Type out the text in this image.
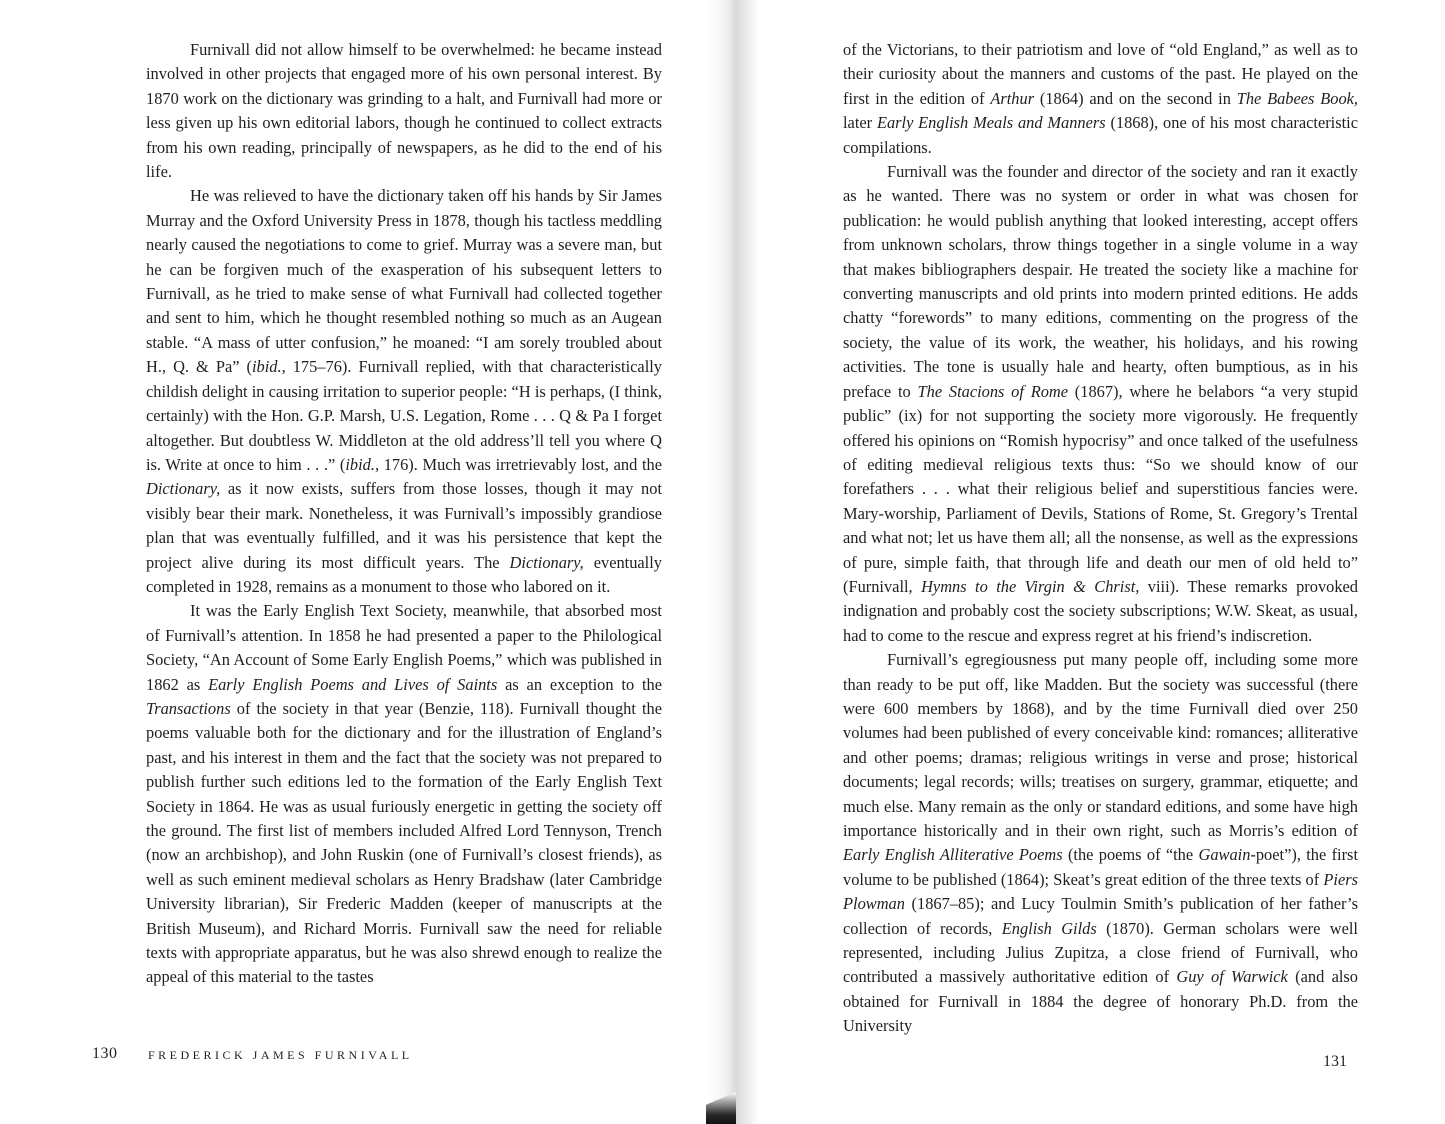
Furnivall did not allow himself to be overwhelmed: he became instead involved in other projects that engaged more of his own personal interest. By 1870 work on the dictionary was grinding to a halt, and Furnivall had more or less given up his own editorial labors, though he continued to collect extracts from his own reading, principally of newspapers, as he did to the end of his life.

He was relieved to have the dictionary taken off his hands by Sir James Murray and the Oxford University Press in 1878, though his tactless meddling nearly caused the negotiations to come to grief. Murray was a severe man, but he can be forgiven much of the exasperation of his subsequent letters to Furnivall, as he tried to make sense of what Furnivall had collected together and sent to him, which he thought resembled nothing so much as an Augean stable. “A mass of utter confusion,” he moaned: “I am sorely troubled about H., Q. & Pa” (ibid., 175–76). Furnivall replied, with that characteristically childish delight in causing irritation to superior people: “H is perhaps, (I think, certainly) with the Hon. G.P. Marsh, U.S. Legation, Rome . . . Q & Pa I forget altogether. But doubtless W. Middleton at the old address’ll tell you where Q is. Write at once to him . . .” (ibid., 176). Much was irretrievably lost, and the Dictionary, as it now exists, suffers from those losses, though it may not visibly bear their mark. Nonetheless, it was Furnivall’s impossibly grandiose plan that was eventually fulfilled, and it was his persistence that kept the project alive during its most difficult years. The Dictionary, eventually completed in 1928, remains as a monument to those who labored on it.

It was the Early English Text Society, meanwhile, that absorbed most of Furnivall’s attention. In 1858 he had presented a paper to the Philological Society, “An Account of Some Early English Poems,” which was published in 1862 as Early English Poems and Lives of Saints as an exception to the Transactions of the society in that year (Benzie, 118). Furnivall thought the poems valuable both for the dictionary and for the illustration of England’s past, and his interest in them and the fact that the society was not prepared to publish further such editions led to the formation of the Early English Text Society in 1864. He was as usual furiously energetic in getting the society off the ground. The first list of members included Alfred Lord Tennyson, Trench (now an archbishop), and John Ruskin (one of Furnivall’s closest friends), as well as such eminent medieval scholars as Henry Bradshaw (later Cambridge University librarian), Sir Frederic Madden (keeper of manuscripts at the British Museum), and Richard Morris. Furnivall saw the need for reliable texts with appropriate apparatus, but he was also shrewd enough to realize the appeal of this material to the tastes

130	FREDERICK JAMES FURNIVALL

of the Victorians, to their patriotism and love of “old England,” as well as to their curiosity about the manners and customs of the past. He played on the first in the edition of Arthur (1864) and on the second in The Babees Book, later Early English Meals and Manners (1868), one of his most characteristic compilations.

Furnivall was the founder and director of the society and ran it exactly as he wanted. There was no system or order in what was chosen for publication: he would publish anything that looked interesting, accept offers from unknown scholars, throw things together in a single volume in a way that makes bibliographers despair. He treated the society like a machine for converting manuscripts and old prints into modern printed editions. He adds chatty “forewords” to many editions, commenting on the progress of the society, the value of its work, the weather, his holidays, and his rowing activities. The tone is usually hale and hearty, often bumptious, as in his preface to The Stacions of Rome (1867), where he belabors “a very stupid public” (ix) for not supporting the society more vigorously. He frequently offered his opinions on “Romish hypocrisy” and once talked of the usefulness of editing medieval religious texts thus: “So we should know of our forefathers . . . what their religious belief and superstitious fancies were. Mary-worship, Parliament of Devils, Stations of Rome, St. Gregory’s Trental and what not; let us have them all; all the nonsense, as well as the expressions of pure, simple faith, that through life and death our men of old held to” (Furnivall, Hymns to the Virgin & Christ, viii). These remarks provoked indignation and probably cost the society subscriptions; W.W. Skeat, as usual, had to come to the rescue and express regret at his friend’s indiscretion.

Furnivall’s egregiousness put many people off, including some more than ready to be put off, like Madden. But the society was successful (there were 600 members by 1868), and by the time Furnivall died over 250 volumes had been published of every conceivable kind: romances; alliterative and other poems; dramas; religious writings in verse and prose; historical documents; legal records; wills; treatises on surgery, grammar, etiquette; and much else. Many remain as the only or standard editions, and some have high importance historically and in their own right, such as Morris’s edition of Early English Alliterative Poems (the poems of “the Gawain-poet”), the first volume to be published (1864); Skeat’s great edition of the three texts of Piers Plowman (1867–85); and Lucy Toulmin Smith’s publication of her father’s collection of records, English Gilds (1870). German scholars were well represented, including Julius Zupitza, a close friend of Furnivall, who contributed a massively authoritative edition of Guy of Warwick (and also obtained for Furnivall in 1884 the degree of honorary Ph.D. from the University

131
